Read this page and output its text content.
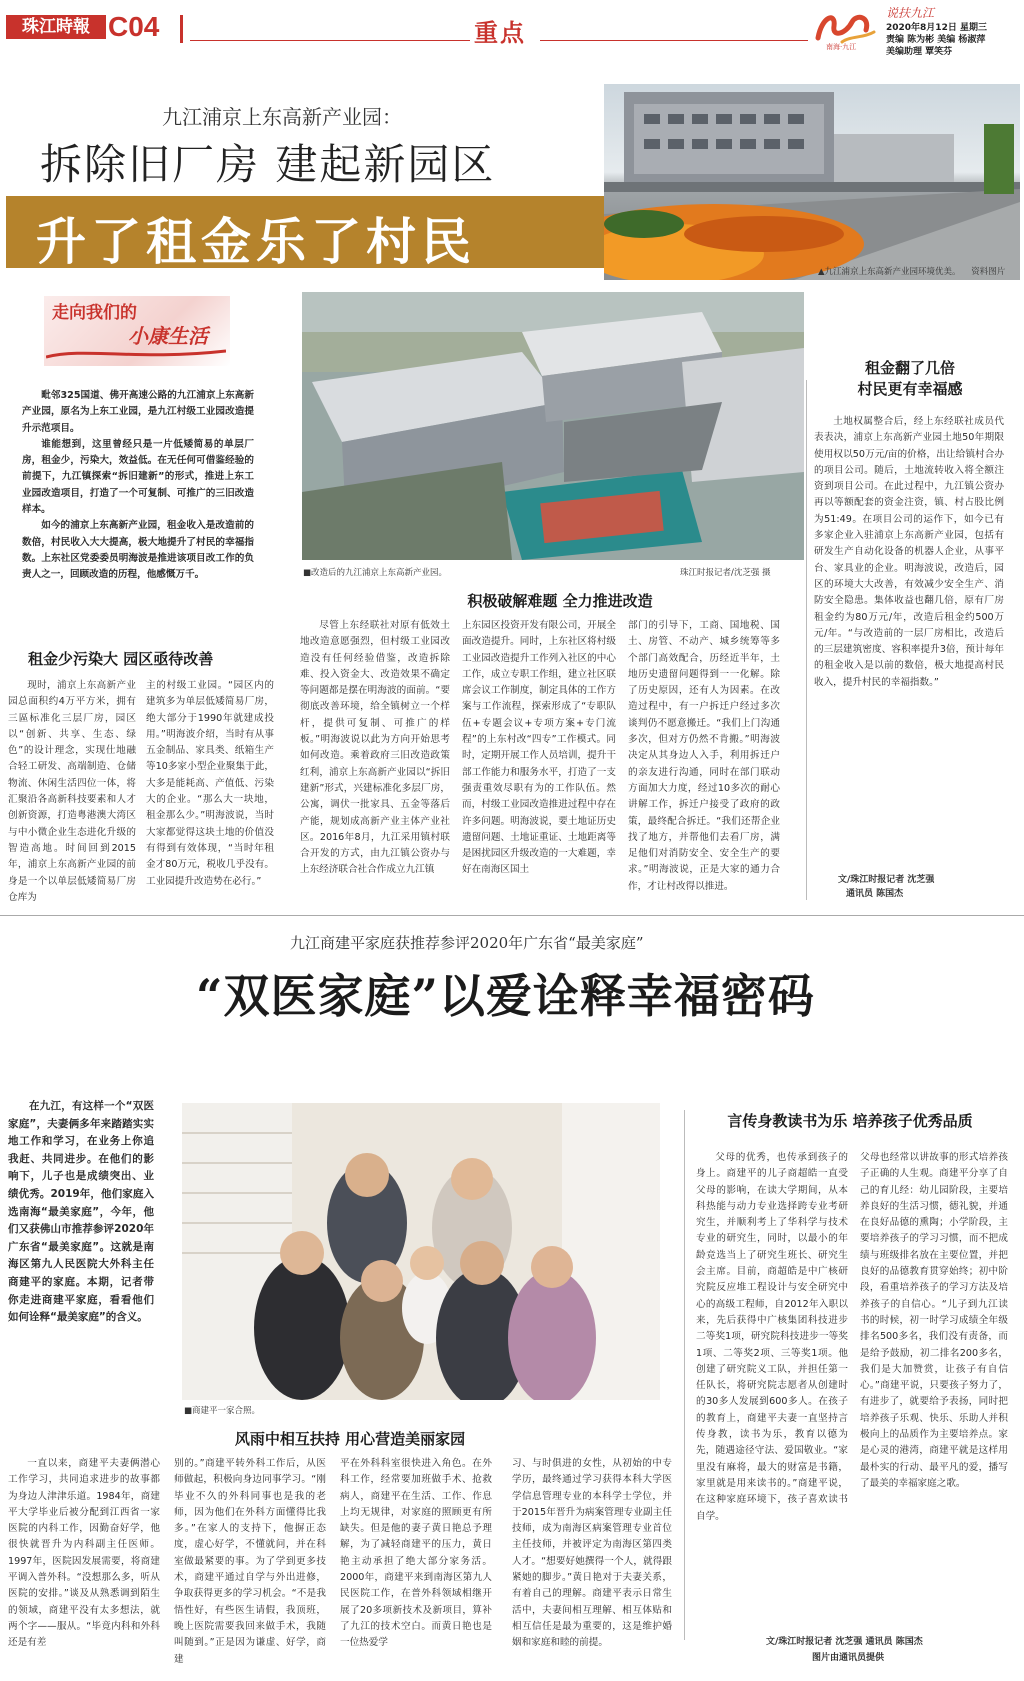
珠江時報 C04	重点	南海·九江
说扶九江
2020年8月12日 星期三
责编 陈为彬 美编 杨淑萍
美编助理 覃笑芬
九江浦京上东高新产业园：
拆除旧厂房 建起新园区
升了租金乐了村民
▲九江浦京上东高新产业园环境优美。 资料图片
走向我们的
小康生活

毗邻325国道、佛开高速公路的九江浦京上东高新产业园，原名为上东工业园，是九江村级工业园改造提升示范项目。

谁能想到，这里曾经只是一片低矮简易的单层厂房，租金少，污染大，效益低。在无任何可借鉴经验的前提下，九江镇探索“拆旧建新”的形式，推进上东工业园改造项目，打造了一个可复制、可推广的三旧改造样本。

如今的浦京上东高新产业园，租金收入是改造前的数倍，村民收入大大提高，极大地提升了村民的幸福指数。上东社区党委委员明海波是推进该项目改工作的负责人之一，回顾改造的历程，他感慨万千。	■改造后的九江浦京上东高新产业园。	珠江时报记者/沈芝强 摄
租金翻了几倍
村民更有幸福感
土地权属整合后，经上东经联社成员代表表决，浦京上东高新产业园土地50年期限使用权以50万元/亩的价格，出让给镇村合办的项目公司。随后，土地流转收入将全额注资到项目公司。在此过程中，九江镇公资办再以等额配套的资金注资，镇、村占股比例为51:49。在项目公司的运作下，如今已有多家企业入驻浦京上东高新产业园，包括有研发生产自动化设备的机器人企业，从事平台、家具业的企业。明海波说，改造后，园区的环境大大改善，有效减少安全生产、消防安全隐患。集体收益也翻几倍，原有厂房租金约为80万元/年，改造后租金约500万元/年。“与改造前的一层厂房相比，改造后的三层建筑密度、容积率提升3倍，预计每年的租金收入是以前的数倍，极大地提高村民收入，提升村民的幸福指数。”
文/珠江时报记者 沈芝强
通讯员 陈国杰
租金少污染大 园区亟待改善
现时，浦京上东高新产业园总面积约4万平方米，拥有三區标准化三层厂房，园区以“创新、共享、生态、绿色”的设计理念，实现仕地融合轻工研发、高端制造、仓储物流、休闲生活四位一体，将汇聚沿各高新科技要素和人才创新资源，打造粤港澳大湾区与中小微企业生态进化升级的智造高地。时间回到2015年，浦京上东高新产业园的前身是一个以单层低矮简易厂房仓库为
主的村级工业园。“园区内的建筑多为单层低矮简易厂房，绝大部分于1990年就建成投用。”明海波介绍，当时有从事五金制品、家具类、纸箱生产等10多家小型企业聚集于此，大多是能耗高、产值低、污染大的企业。“那么大一块地，租金那么少。”明海波说，当时大家都觉得这块土地的价值没有得到有效体现，“当时年租金才80万元，税收几乎没有。工业园提升改造势在必行。”
积极破解难题 全力推进改造
尽管上东经联社对原有低效土地改造意愿强烈，但村级工业园改造没有任何经验借鉴，改造拆除难、投入资金大、改造效果不确定等问题都是摆在明海波的面前。“要彻底改善环境，给全镇树立一个样杆，提供可复制、可推广的样板。”明海波说以此为方向开始思考如何改造。乘着政府三旧改造政策红利，浦京上东高新产业园以“拆旧建新”形式，兴建标准化多层厂房，公寓，调伏一批家具、五金等落后产能，规划成高新产业主体产业社区。2016年8月，九江采用镇村联合开发的方式，由九江镇公资办与上东经济联合社合作成立九江镇
上东园区投资开发有限公司，开展全面改造提升。同时，上东社区将村级工业园改造提升工作列入社区的中心工作，成立专职工作组，建立社区联席会议工作制度，制定具体的工作方案与工作流程，探索形成了“专职队伍+专题会议+专项方案+专门流程”的上东村改“四专”工作模式。同时，定期开展工作人员培训，提升干部工作能力和服务水平，打造了一支强责重效尽职有为的工作队伍。然而，村级工业园改造推进过程中存在许多问题。明海波说，要土地证历史遗留问题、土地证重证、土地距离等是困扰园区升级改造的一大难题，幸好在南海区国土
部门的引导下，工商、国地税、国土、房管、不动产、城乡统筹等多个部门高效配合，历经近半年，土地历史遗留问题得到一一化解。除了历史原因，还有人为因素。在改造过程中，有一户拆迁户经过多次谈判仍不愿意搬迁。“我们上门沟通多次，但对方仍然不肯搬。”明海波决定从其身边人入手，利用拆迁户的亲友进行沟通，同时在部门联动方面加大力度，经过10多次的耐心讲解工作，拆迁户接受了政府的政策，最终配合拆迁。“我们还帮企业找了地方，并帮他们去看厂房，满足他们对消防安全、安全生产的要求。”明海波说，正是大家的通力合作，才让村改得以推进。
九江商建平家庭获推荐参评2020年广东省“最美家庭”
“双医家庭”以爱诠释幸福密码
在九江，有这样一个“双医家庭”，夫妻俩多年来踏踏实实地工作和学习，在业务上你追我赶、共同进步。在他们的影响下，儿子也是成绩突出、业绩优秀。2019年，他们家庭入选南海“最美家庭”，今年，他们又获佛山市推荐参评2020年广东省“最美家庭”。这就是南海区第九人民医院大外科主任商建平的家庭。本期，记者带你走进商建平家庭，看看他们如何诠释“最美家庭”的含义。
■商建平一家合照。
言传身教读书为乐 培养孩子优秀品质
父母的优秀，也传承到孩子的身上。商建平的儿子商超皓一直受父母的影响，在读大学期间，从本科热能与动力专业选择跨专业考研究生，并顺利考上了华科学与技术专业的研究生，同时，以最小的年龄竞选当上了研究生班长、研究生会主席。目前，商超皓是中广核研究院反应堆工程设计与安全研究中心的高级工程师，自2012年入职以来，先后获得中广核集团科技进步二等奖1项，研究院科技进步一等奖1项、二等奖2项、三等奖1项。他创建了研究院义工队，并担任第一任队长，将研究院志愿者从创建时的30多人发展到600多人。在孩子的教育上，商建平夫妻一直坚持言传身教，读书为乐，教育以德为先，随遇途径守法、爱国敬业。“家里没有麻将，最大的财富是书籍，家里就是用来读书的。”商建平说，在这种家庭环境下，孩子喜欢读书自学。
父母也经常以讲故事的形式培养孩子正确的人生观。商建平分享了自己的育儿经：幼儿园阶段，主要培养良好的生活习惯，德礼貌，并通在良好品德的熏陶；小学阶段，主要培养孩子的学习习惯，而不把成绩与班级排名放在主要位置，并把良好的品德教育贯穿始终；初中阶段，看重培养孩子的学习方法及培养孩子的自信心。“儿子到九江读书的时候，初一时学习成绩全年级排名500多名，我们没有责备，而是给予鼓励，初二排名200多名，我们是大加赞赏，让孩子有自信心。”商建平说，只要孩子努力了，有进步了，就要给予表扬，同时把培养孩子乐观、快乐、乐助人并积极向上的品质作为主要培养点。家是心灵的港湾，商建平就是这样用最朴实的行动、最平凡的爱，播写了最美的幸福家庭之歌。
风雨中相互扶持 用心营造美丽家园
一直以来，商建平夫妻俩潜心工作学习，共同追求进步的故事都为身边人津津乐道。1984年，商建平大学毕业后被分配到江西省一家医院的内科工作，因勤奋好学，他很快就晋升为内科副主任医师。1997年，医院因发展需要，将商建平调入普外科。“没想那么多，听从医院的安排。”谈及从熟悉调到陌生的领域，商建平没有太多想法，就两个字——服从。“毕竟内科和外科还是有差
别的。”商建平转外科工作后，从医师做起，积极向身边同事学习。“刚毕业不久的外科同事也是我的老师，因为他们在外科方面懂得比我多。”在家人的支持下，他摒正态度，虚心好学，不懂就问，并在科室做最紧要的事。为了学到更多技术，商建平通过自学与外出进修，争取获得更多的学习机会。“不是我悟性好，有些医生请假，我顶班，晚上医院需要我回来做手术，我随叫随到。”正是因为谦虚、好学，商建
平在外科科室很快进入角色。在外科工作，经常要加班做手术、抢救病人，商建平在生活、工作、作息上均无规律，对家庭的照顾更有所缺失。但是他的妻子黄日艳总予理解，为了减轻商建平的压力，黄日艳主动承担了绝大部分家务活。2000年，商建平来到南海区第九人民医院工作，在普外科领域相继开展了20多项新技术及新项目，算补了九江的技术空白。而黄日艳也是一位热爱学
习、与时俱进的女性，从初始的中专学历，最终通过学习获得本科大学医学信息管理专业的本科学士学位，并于2015年晋升为病案管理专业副主任技师，成为南海区病案管理专业首位主任技师，并被评定为南海区第四类人才。“想要好她撰得一个人，就得跟紧她的脚步。”黄日艳对于夫妻关系，有着自己的理解。商建平表示日常生活中，夫妻间相互理解、相互体贴和相互信任是最为重要的，这是维护婚姻和家庭和睦的前提。	文/珠江时报记者 沈芝强 通讯员 陈国杰
图片由通讯员提供
